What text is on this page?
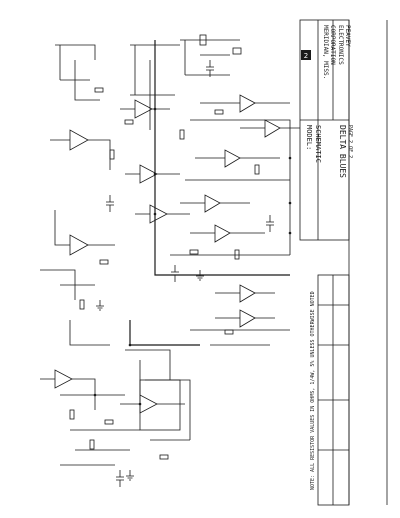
PEAVEY
ELECTRONICS
CORPORATION
MERIDIAN, MISS.
SCHEMATIC
MODEL:	DELTA BLUES PAGE 2 OF 2
2
NOTE: ALL RESISTOR VALUES IN OHMS, 1/4W, 5% UNLESS OTHERWISE NOTED
